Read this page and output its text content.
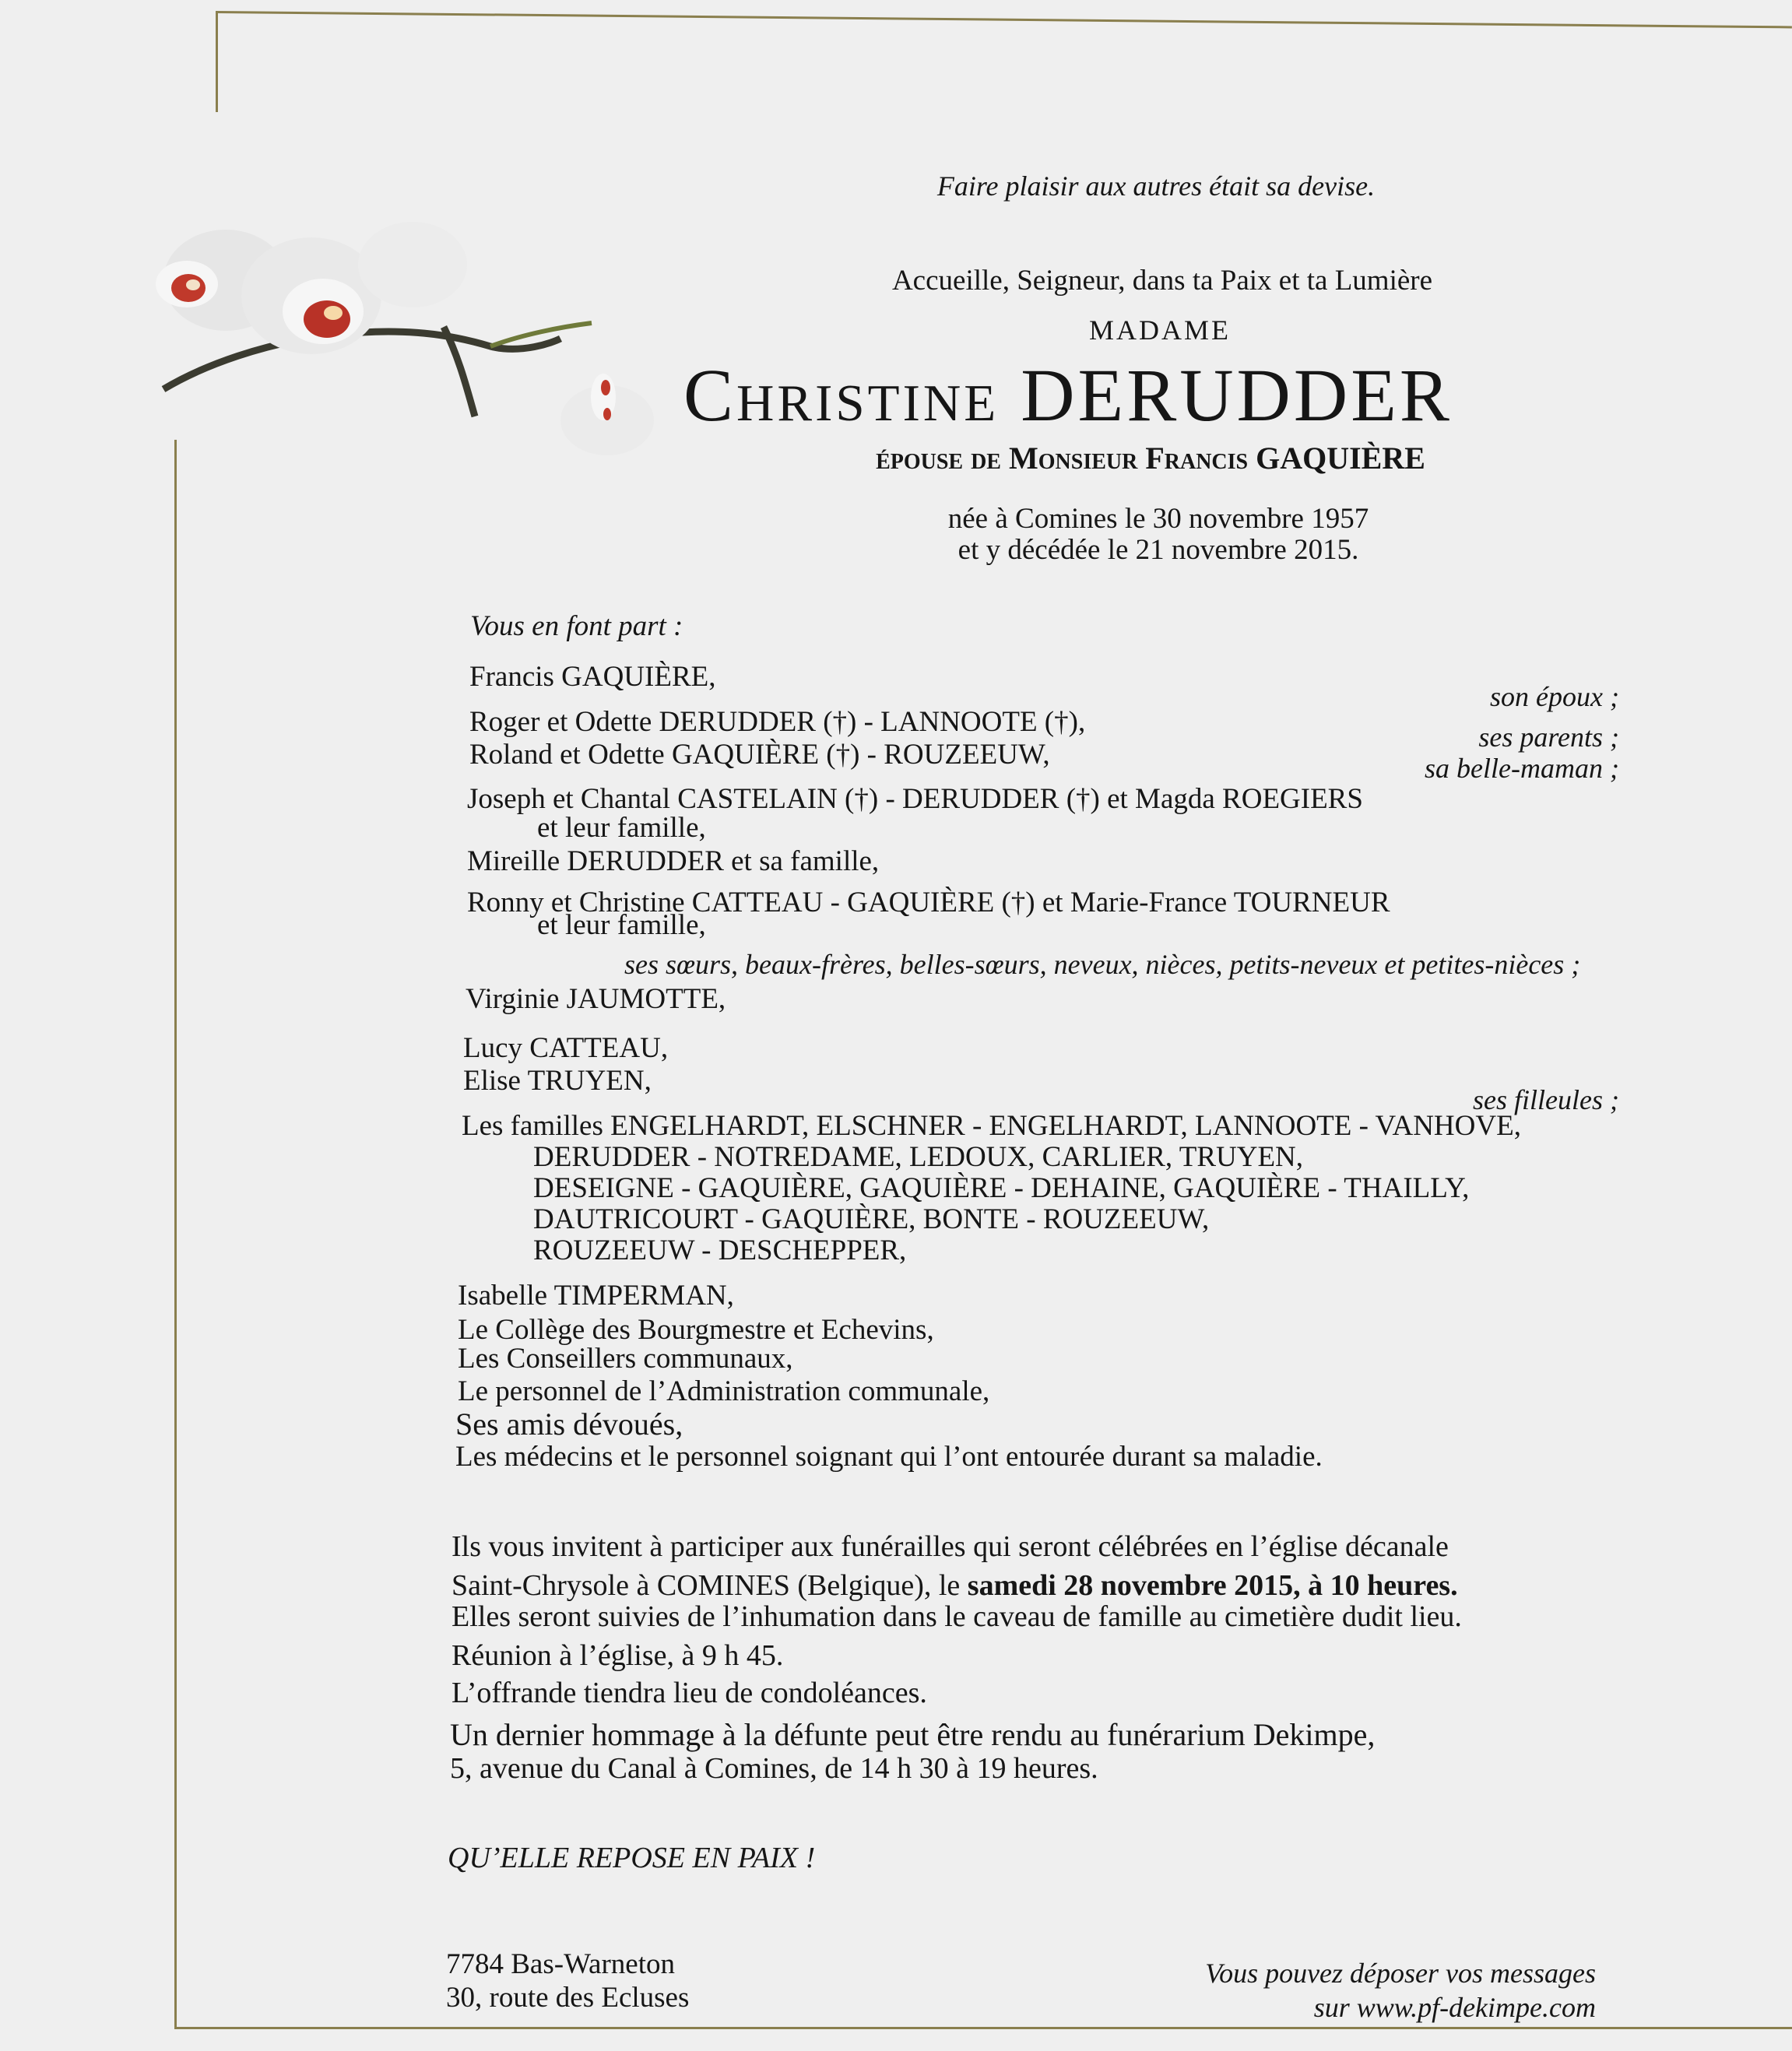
Faire plaisir aux autres était sa devise.
Accueille, Seigneur, dans ta Paix et ta Lumière
MADAME
Christine DERUDDER
épouse de Monsieur Francis GAQUIÈRE
née à Comines le 30 novembre 1957
et y décédée le 21 novembre 2015.
Vous en font part :
Francis GAQUIÈRE,
son époux ;
Roger et Odette DERUDDER (†) - LANNOOTE (†),	ses parents ;
Roland et Odette GAQUIÈRE (†) - ROUZEEUW,	sa belle-maman ;
Joseph et Chantal CASTELAIN (†) - DERUDDER (†) et Magda ROEGIERS
et leur famille,
Mireille DERUDDER et sa famille,
Ronny et Christine CATTEAU - GAQUIÈRE (†) et Marie-France TOURNEUR
et leur famille,
ses sœurs, beaux-frères, belles-sœurs, neveux, nièces, petits-neveux et petites-nièces ;
Virginie JAUMOTTE,
Lucy CATTEAU,
Elise TRUYEN,
ses filleules ;
Les familles ENGELHARDT, ELSCHNER - ENGELHARDT, LANNOOTE - VANHOVE,
DERUDDER - NOTREDAME, LEDOUX, CARLIER, TRUYEN,
DESEIGNE - GAQUIÈRE, GAQUIÈRE - DEHAINE, GAQUIÈRE - THAILLY,
DAUTRICOURT - GAQUIÈRE, BONTE - ROUZEEUW,
ROUZEEUW - DESCHEPPER,
Isabelle TIMPERMAN,
Le Collège des Bourgmestre et Echevins,
Les Conseillers communaux,
Le personnel de l’Administration communale,
Ses amis dévoués,
Les médecins et le personnel soignant qui l’ont entourée durant sa maladie.
Ils vous invitent à participer aux funérailles qui seront célébrées en l’église décanale
Saint-Chrysole à COMINES (Belgique), le samedi 28 novembre 2015, à 10 heures.
Elles seront suivies de l’inhumation dans le caveau de famille au cimetière dudit lieu.
Réunion à l’église, à 9 h 45.
L’offrande tiendra lieu de condoléances.
Un dernier hommage à la défunte peut être rendu au funérarium Dekimpe,
5, avenue du Canal à Comines, de 14 h 30 à 19 heures.
QU’ELLE REPOSE EN PAIX !
7784 Bas-Warneton
30, route des Ecluses
Vous pouvez déposer vos messages
sur www.pf-dekimpe.com
